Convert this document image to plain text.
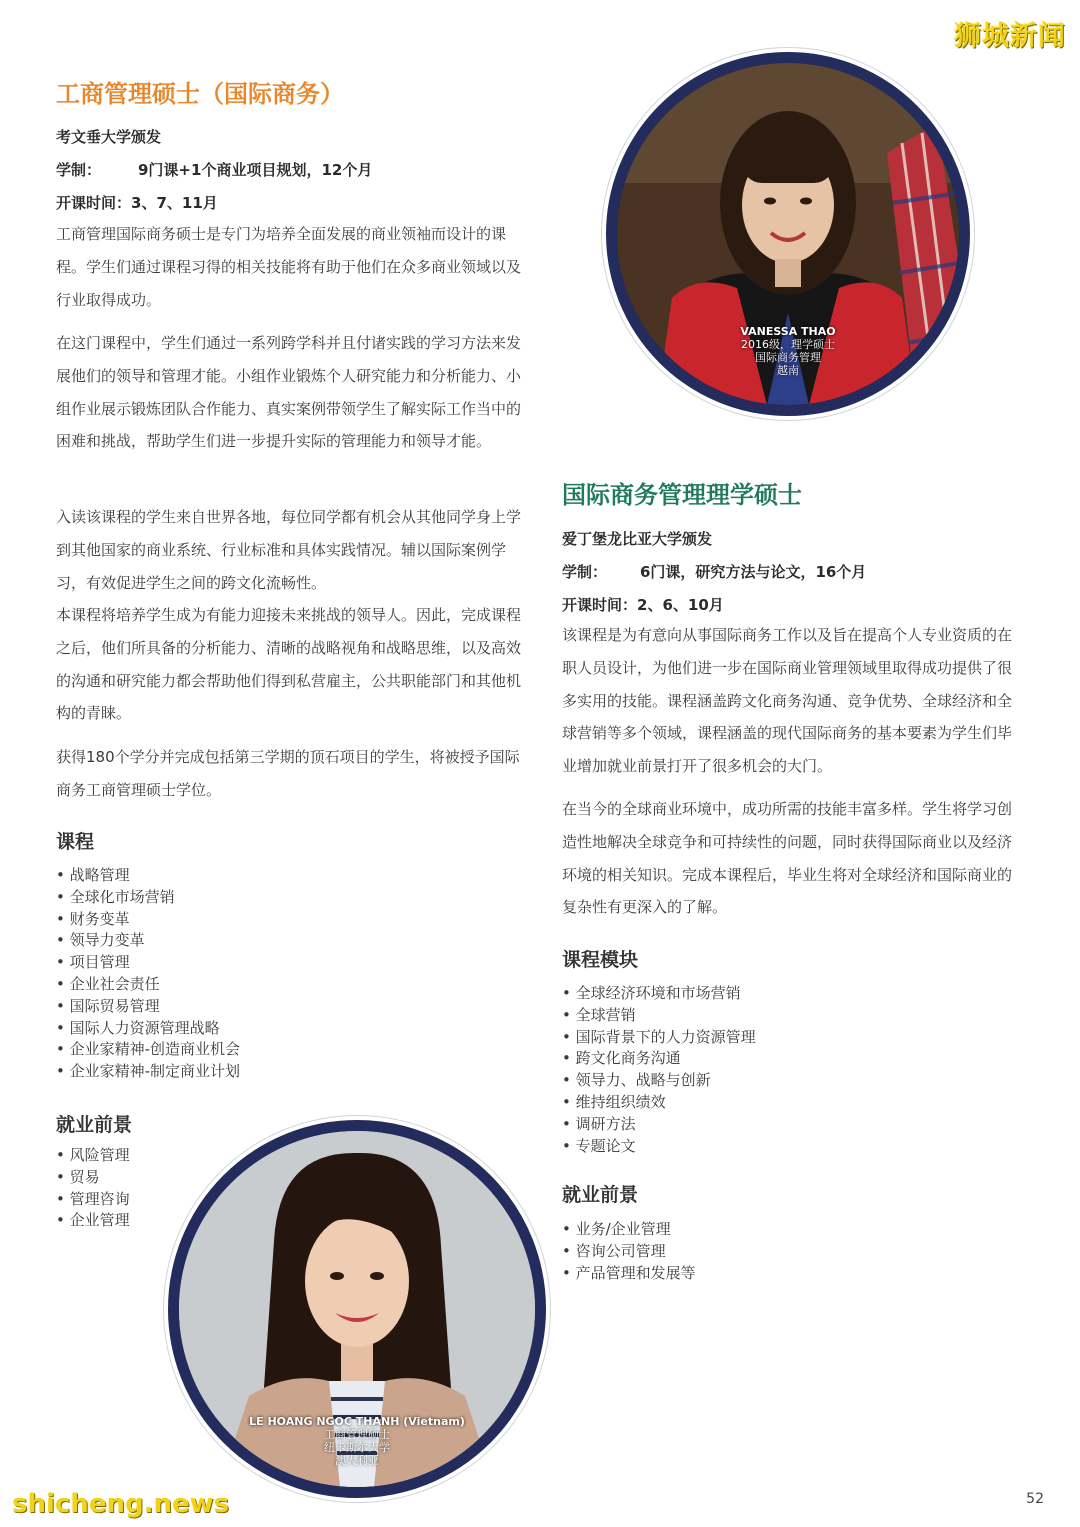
狮城新闻
shicheng.news	52
工商管理硕士（国际商务）
考文垂大学颁发
学制： 9门课+1个商业项目规划，12个月
开课时间：3、7、11月

工商管理国际商务硕士是专门为培养全面发展的商业领袖而设计的课程。学生们通过课程习得的相关技能将有助于他们在众多商业领域以及行业取得成功。

在这门课程中，学生们通过一系列跨学科并且付诸实践的学习方法来发展他们的领导和管理才能。小组作业锻炼个人研究能力和分析能力、小组作业展示锻炼团队合作能力、真实案例带领学生了解实际工作当中的困难和挑战，帮助学生们进一步提升实际的管理能力和领导才能。

入读该课程的学生来自世界各地，每位同学都有机会从其他同学身上学到其他国家的商业系统、行业标准和具体实践情况。辅以国际案例学习，有效促进学生之间的跨文化流畅性。

本课程将培养学生成为有能力迎接未来挑战的领导人。因此，完成课程之后，他们所具备的分析能力、清晰的战略视角和战略思维，以及高效的沟通和研究能力都会帮助他们得到私营雇主，公共职能部门和其他机构的青睐。

获得180个学分并完成包括第三学期的顶石项目的学生，将被授予国际商务工商管理硕士学位。

课程
• 战略管理
• 全球化市场营销
• 财务变革
• 领导力变革
• 项目管理
• 企业社会责任
• 国际贸易管理
• 国际人力资源管理战略
• 企业家精神-创造商业机会
• 企业家精神-制定商业计划
就业前景
• 风险管理
• 贸易
• 管理咨询
• 企业管理
VANESSA THAO
2016级，理学硕士
国际商务管理
越南
国际商务管理理学硕士
爱丁堡龙比亚大学颁发
学制： 6门课，研究方法与论文，16个月
开课时间：2、6、10月

该课程是为有意向从事国际商务工作以及旨在提高个人专业资质的在职人员设计，为他们进一步在国际商业管理领域里取得成功提供了很多实用的技能。课程涵盖跨文化商务沟通、竞争优势、全球经济和全球营销等多个领域，课程涵盖的现代国际商务的基本要素为学生们毕业增加就业前景打开了很多机会的大门。

在当今的全球商业环境中，成功所需的技能丰富多样。学生将学习创造性地解决全球竞争和可持续性的问题，同时获得国际商业以及经济环境的相关知识。完成本课程后，毕业生将对全球经济和国际商业的复杂性有更深入的了解。

课程模块
• 全球经济环境和市场营销
• 全球营销
• 国际背景下的人力资源管理
• 跨文化商务沟通
• 领导力、战略与创新
• 维持组织绩效
• 调研方法
• 专题论文
就业前景
• 业务/企业管理
• 咨询公司管理
• 产品管理和发展等
LE HOANG NGOC THANH (Vietnam)
工商管理硕士
纽卡斯尔大学
澳大利亚
